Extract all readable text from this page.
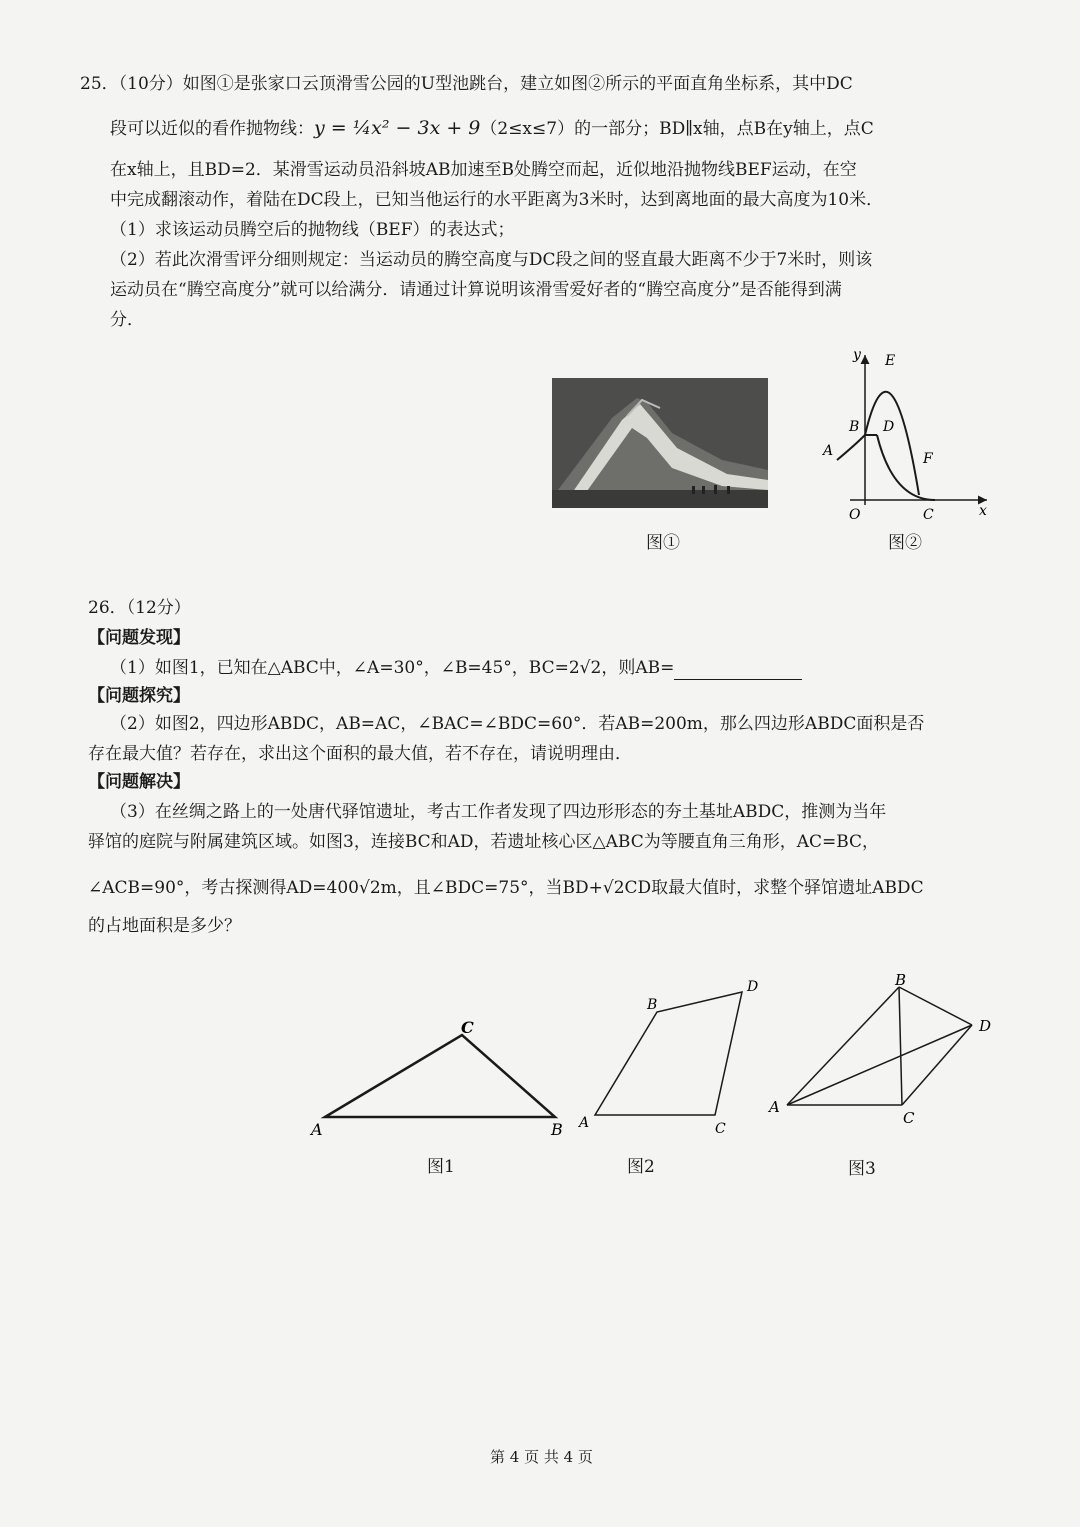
25．（10分）如图①是张家口云顶滑雪公园的U型池跳台，建立如图②所示的平面直角坐标系，其中DC
段可以近似的看作抛物线：y = ¼x² − 3x + 9（2≤x≤7）的一部分；BD∥x轴，点B在y轴上，点C
在x轴上，且BD=2．某滑雪运动员沿斜坡AB加速至B处腾空而起，近似地沿抛物线BEF运动，在空
中完成翻滚动作，着陆在DC段上，已知当他运行的水平距离为3米时，达到离地面的最大高度为10米．
（1）求该运动员腾空后的抛物线（BEF）的表达式；
（2）若此次滑雪评分细则规定：当运动员的腾空高度与DC段之间的竖直最大距离不少于7米时，则该
运动员在“腾空高度分”就可以给满分．请通过计算说明该滑雪爱好者的“腾空高度分”是否能得到满
分．
图①
y E
B D
A	F
O	C	x
图②
26．（12分）
【问题发现】
（1）如图1，已知在△ABC中，∠A=30°，∠B=45°，BC=2√2，则AB=
【问题探究】
（2）如图2，四边形ABDC，AB=AC，∠BAC=∠BDC=60°．若AB=200m，那么四边形ABDC面积是否
存在最大值？若存在，求出这个面积的最大值，若不存在，请说明理由．
【问题解决】
（3）在丝绸之路上的一处唐代驿馆遗址，考古工作者发现了四边形形态的夯土基址ABDC，推测为当年
驿馆的庭院与附属建筑区域。如图3，连接BC和AD，若遗址核心区△ABC为等腰直角三角形，AC=BC，
∠ACB=90°，考古探测得AD=400√2m，且∠BDC=75°，当BD+√2CD取最大值时，求整个驿馆遗址ABDC
的占地面积是多少？
A
C
B
图1
A
B
D
C
图2
A
B
D
C
图3
第 4 页 共 4 页
